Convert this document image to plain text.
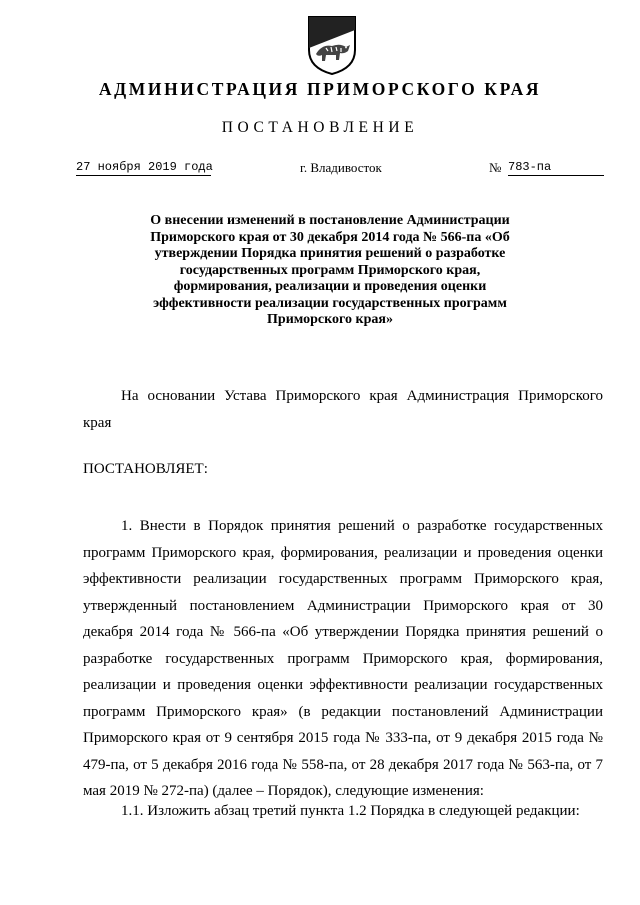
АДМИНИСТРАЦИЯ ПРИМОРСКОГО КРАЯ
ПОСТАНОВЛЕНИЕ
27 ноября 2019 года	г. Владивосток	№ 783-па
О внесении изменений в постановление Администрации Приморского края от 30 декабря 2014 года № 566-па «Об утверждении Порядка принятия решений о разработке государственных программ Приморского края, формирования, реализации и проведения оценки эффективности реализации государственных программ Приморского края»

На основании Устава Приморского края Администрация Приморского края

ПОСТАНОВЛЯЕТ:

1. Внести в Порядок принятия решений о разработке государственных программ Приморского края, формирования, реализации и проведения оценки эффективности реализации государственных программ Приморского края, утвержденный постановлением Администрации Приморского края от 30 декабря 2014 года № 566-па «Об утверждении Порядка принятия решений о разработке государственных программ Приморского края, формирования, реализации и проведения оценки эффективности реализации государственных программ Приморского края» (в редакции постановлений Администрации Приморского края от 9 сентября 2015 года № 333-па, от 9 декабря 2015 года № 479-па, от 5 декабря 2016 года № 558-па, от 28 декабря 2017 года № 563-па, от 7 мая 2019 № 272-па) (далее – Порядок), следующие изменения:

1.1. Изложить абзац третий пункта 1.2 Порядка в следующей редакции:
